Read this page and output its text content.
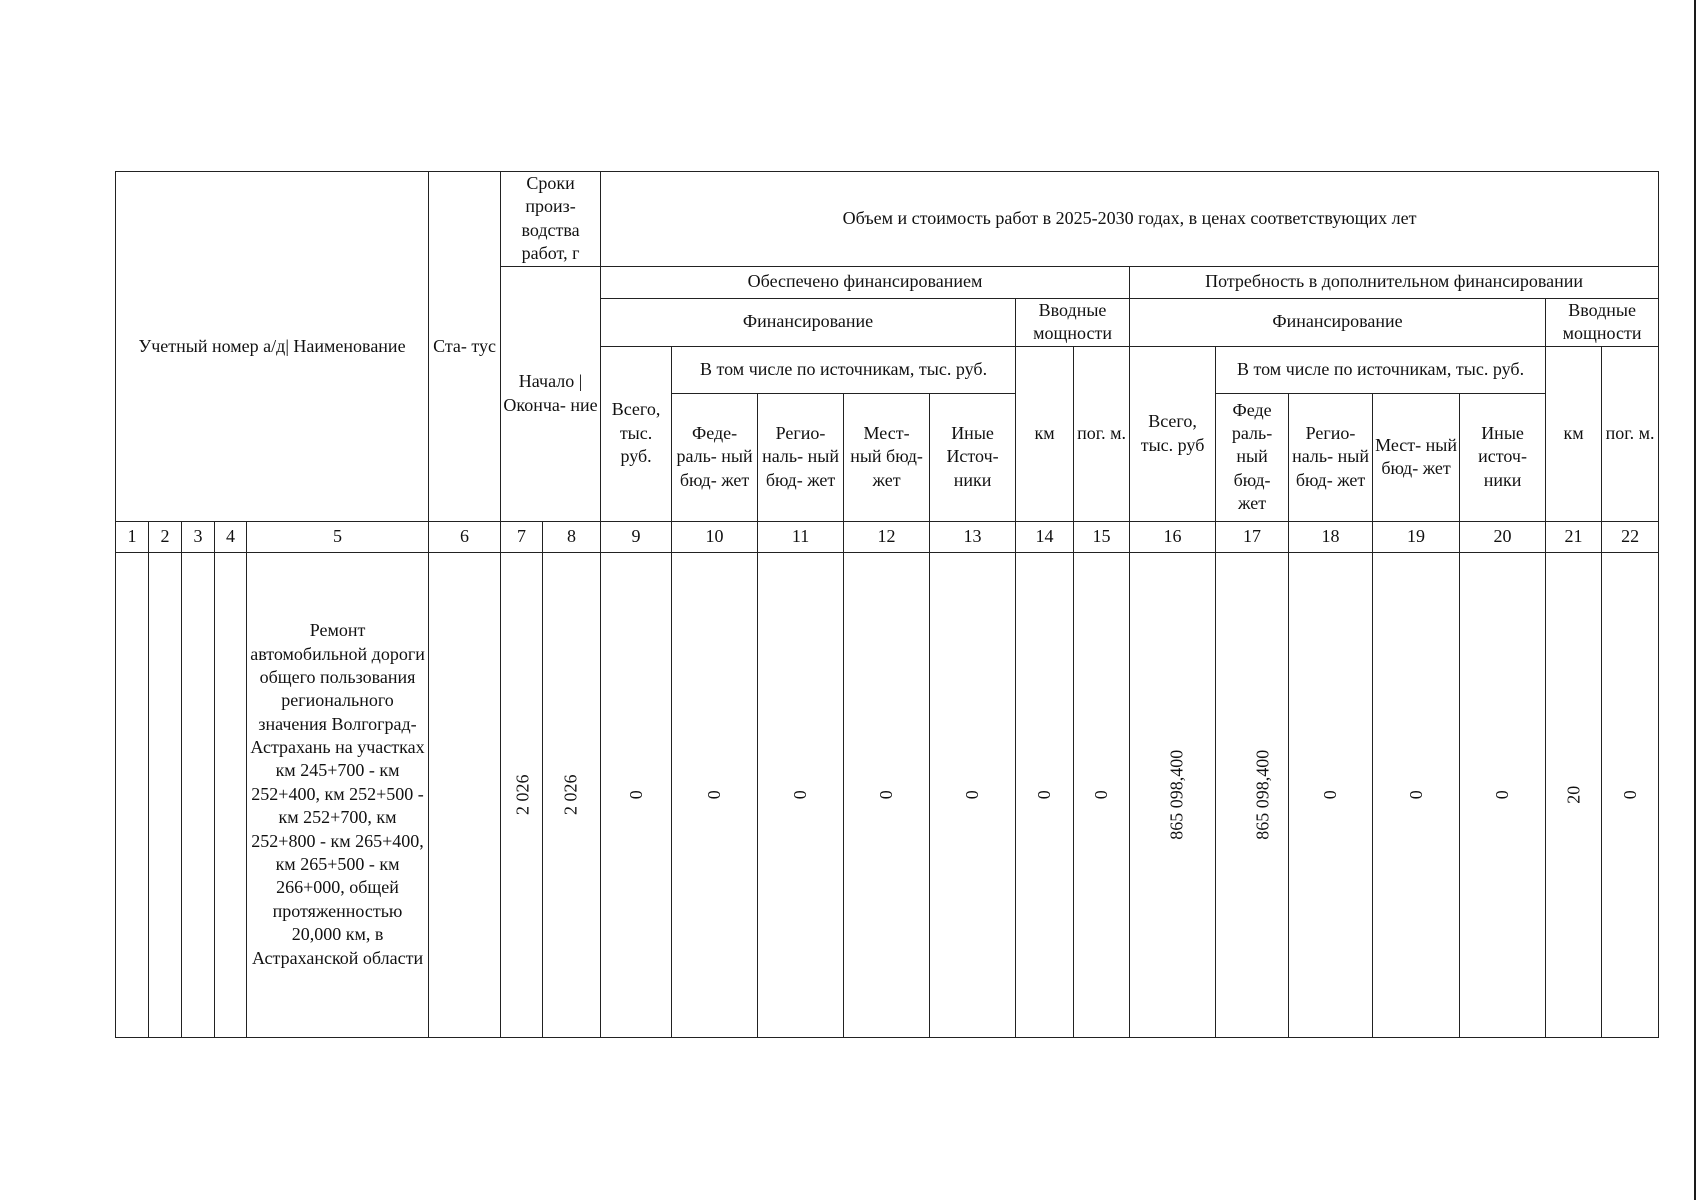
Учетный номер а/д| Наименование					Ста- тус	Сроки произ- водства работ, г		Объем и стоимость работ в 2025-2030 годах, в ценах соответствующих лет													
						Начало | Окончa- ние		Обеспечено финансированием							Потребность в дополнительном финансировании						
								Финансирование					Вводные мощности		Финансирование					Вводные мощности	
								Всего, тыс. руб.	В том числе по источникам, тыс. руб.				км	пог. м.	Всего, тыс. руб	В том числе по источникам, тыс. руб.				км	пог. м.
									Феде- раль- ный бюд- жет	Регио- наль- ный бюд- жет	Мест- ный бюд- жет	Иные Источ- ники				Феде раль- ный бюд- жет	Регио- наль- ный бюд- жет	Мест- ный бюд- жет	Иные источ- ники		
1	2	3	4	5	6	7	8	9	10	11	12	13	14	15	16	17	18	19	20	21	22
				Ремонт автомобильной дороги общего пользования регионального значения Волгоград- Астрахань на участках км 245+700 - км 252+400, км 252+500 - км 252+700, км 252+800 - км 265+400, км 265+500 - км 266+000, общей протяженностью 20,000 км, в Астраханской области		2 026	2 026	0	0	0	0	0	0	0	865 098,400	865 098,400	0	0	0	20	0
